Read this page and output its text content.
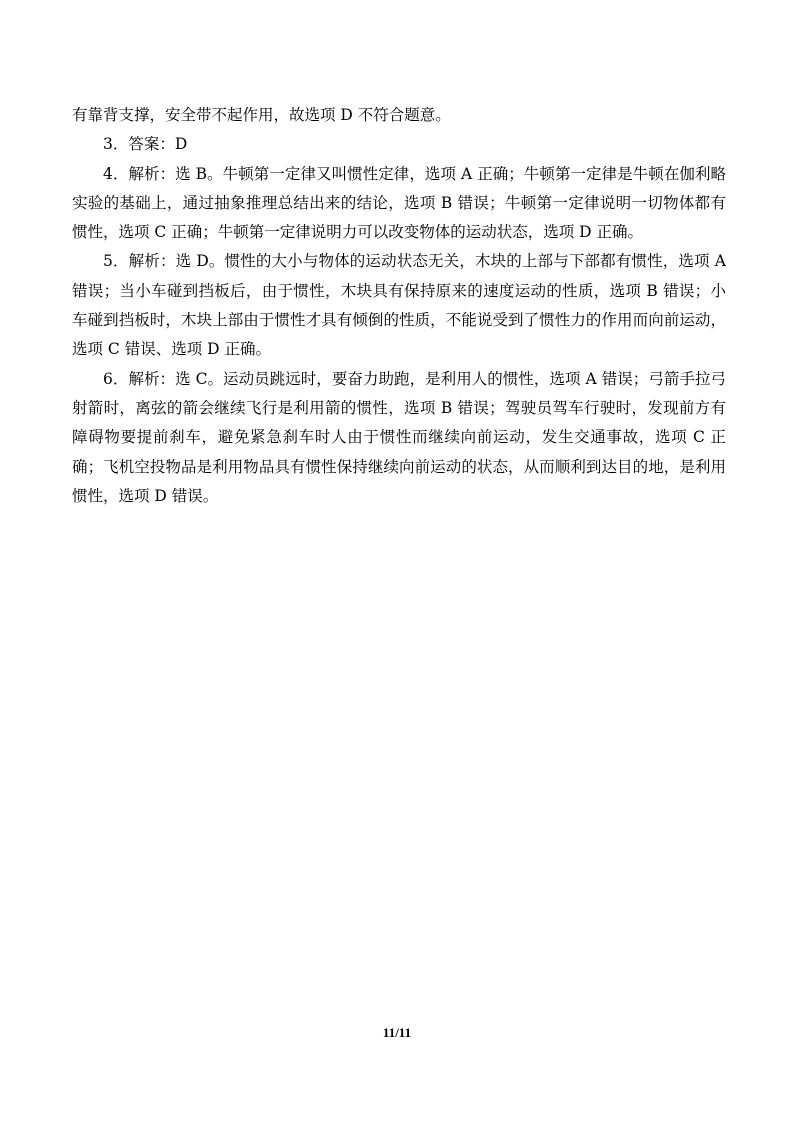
有靠背支撑，安全带不起作用，故选项 D 不符合题意。

3．答案：D

4．解析：选 B。牛顿第一定律又叫惯性定律，选项 A 正确；牛顿第一定律是牛顿在伽利略实验的基础上，通过抽象推理总结出来的结论，选项 B 错误；牛顿第一定律说明一切物体都有惯性，选项 C 正确；牛顿第一定律说明力可以改变物体的运动状态，选项 D 正确。

5．解析：选 D。惯性的大小与物体的运动状态无关，木块的上部与下部都有惯性，选项 A 错误；当小车碰到挡板后，由于惯性，木块具有保持原来的速度运动的性质，选项 B 错误；小车碰到挡板时，木块上部由于惯性才具有倾倒的性质，不能说受到了惯性力的作用而向前运动，选项 C 错误、选项 D 正确。

6．解析：选 C。运动员跳远时，要奋力助跑，是利用人的惯性，选项 A 错误；弓箭手拉弓射箭时，离弦的箭会继续飞行是利用箭的惯性，选项 B 错误；驾驶员驾车行驶时，发现前方有障碍物要提前刹车，避免紧急刹车时人由于惯性而继续向前运动，发生交通事故，选项 C 正确；飞机空投物品是利用物品具有惯性保持继续向前运动的状态，从而顺利到达目的地，是利用惯性，选项 D 错误。

11/11
